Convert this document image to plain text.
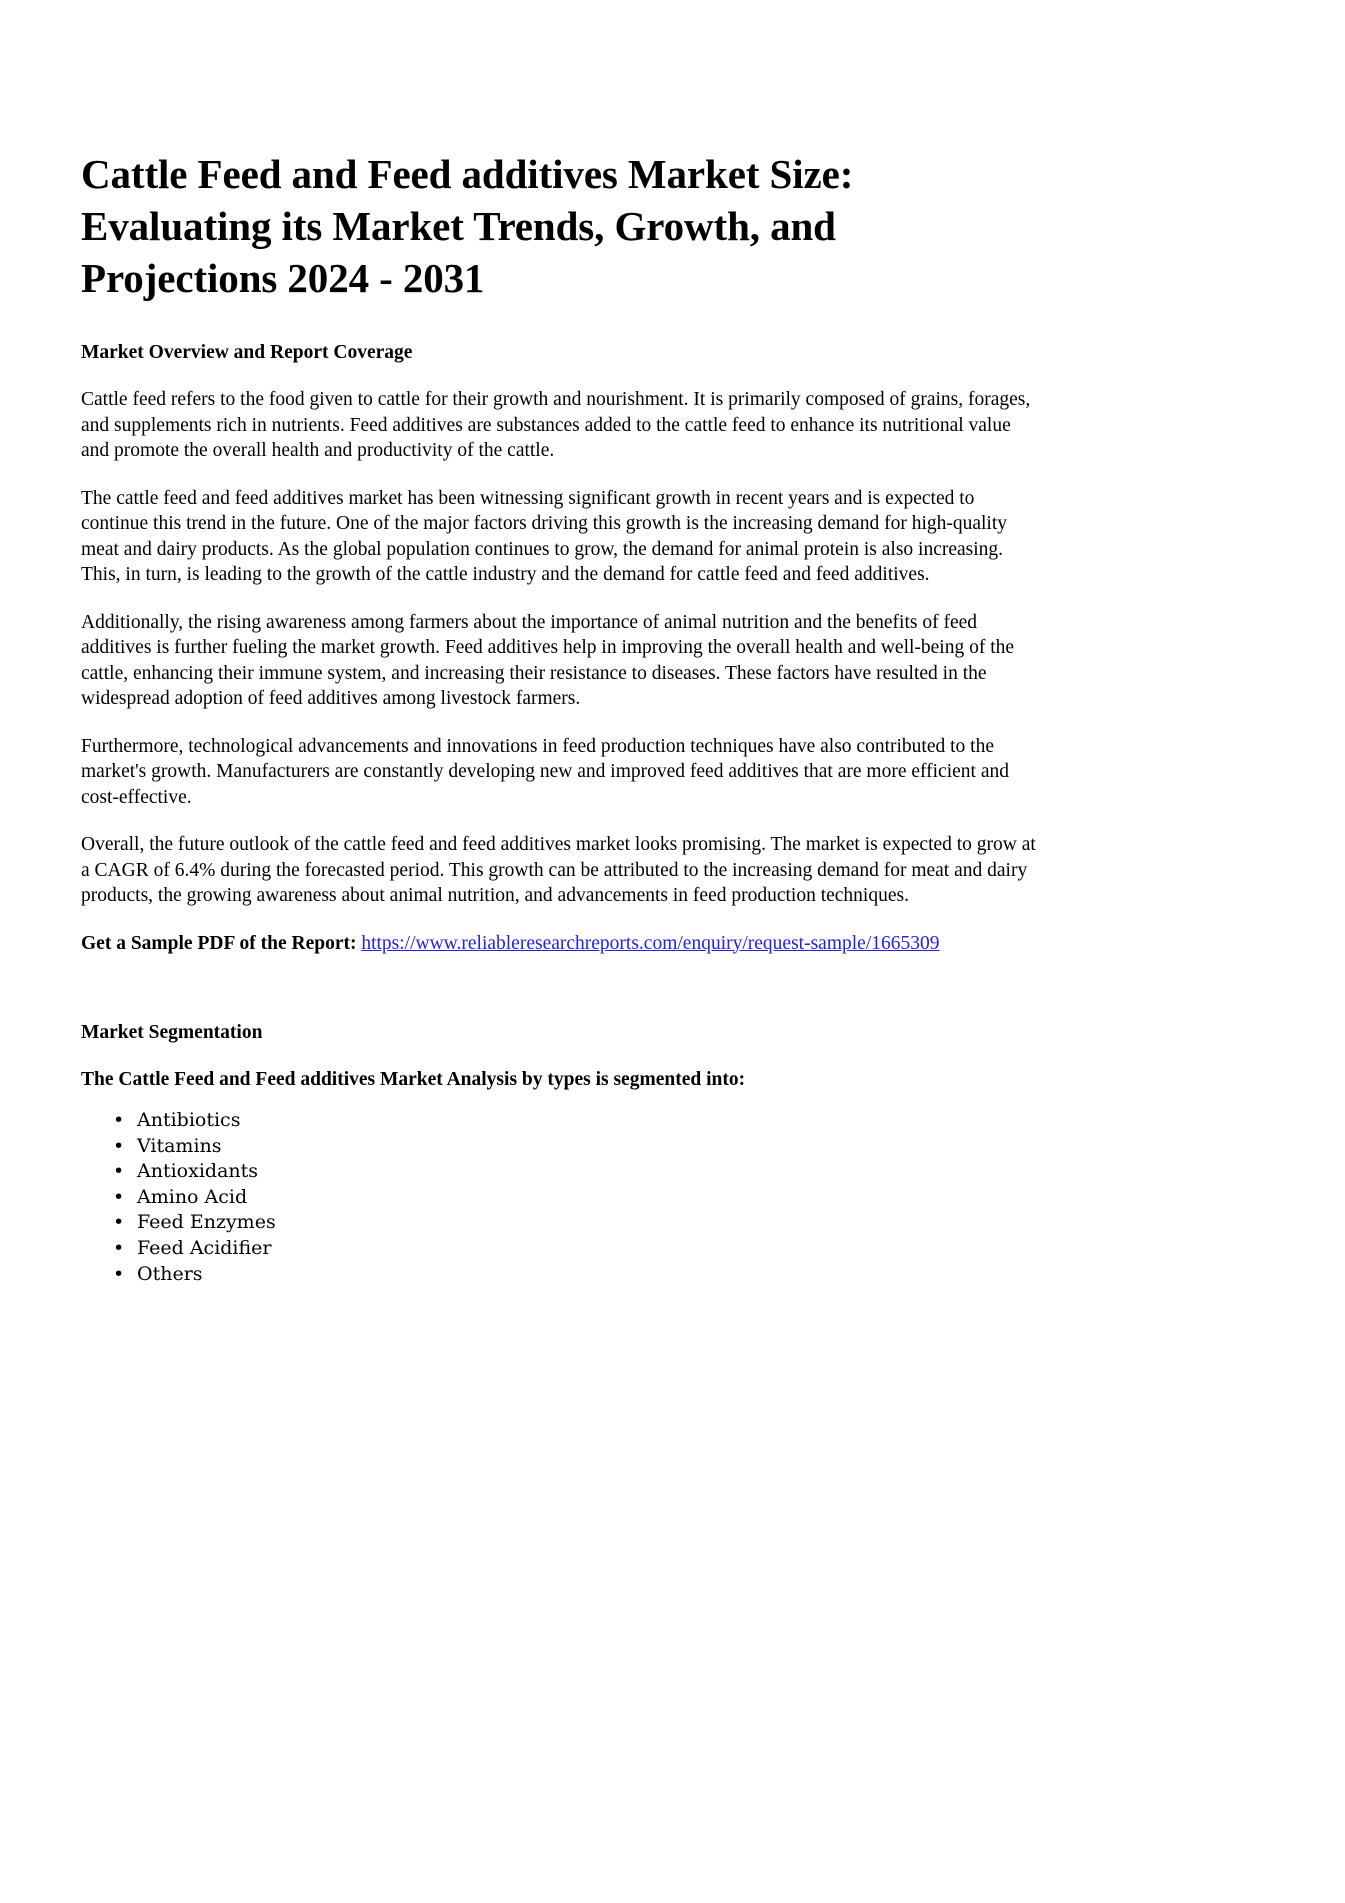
Cattle Feed and Feed additives Market Size: Evaluating its Market Trends, Growth, and Projections 2024 - 2031
Market Overview and Report Coverage

Cattle feed refers to the food given to cattle for their growth and nourishment. It is primarily composed of grains, forages, and supplements rich in nutrients. Feed additives are substances added to the cattle feed to enhance its nutritional value and promote the overall health and productivity of the cattle.

The cattle feed and feed additives market has been witnessing significant growth in recent years and is expected to continue this trend in the future. One of the major factors driving this growth is the increasing demand for high-quality meat and dairy products. As the global population continues to grow, the demand for animal protein is also increasing. This, in turn, is leading to the growth of the cattle industry and the demand for cattle feed and feed additives.

Additionally, the rising awareness among farmers about the importance of animal nutrition and the benefits of feed additives is further fueling the market growth. Feed additives help in improving the overall health and well-being of the cattle, enhancing their immune system, and increasing their resistance to diseases. These factors have resulted in the widespread adoption of feed additives among livestock farmers.

Furthermore, technological advancements and innovations in feed production techniques have also contributed to the market's growth. Manufacturers are constantly developing new and improved feed additives that are more efficient and cost-effective.

Overall, the future outlook of the cattle feed and feed additives market looks promising. The market is expected to grow at a CAGR of 6.4% during the forecasted period. This growth can be attributed to the increasing demand for meat and dairy products, the growing awareness about animal nutrition, and advancements in feed production techniques.

Get a Sample PDF of the Report: https://www.reliableresearchreports.com/enquiry/request-sample/1665309

Market Segmentation
The Cattle Feed and Feed additives Market Analysis by types is segmented into:
• Antibiotics
• Vitamins
• Antioxidants
• Amino Acid
• Feed Enzymes
• Feed Acidifier
• Others
